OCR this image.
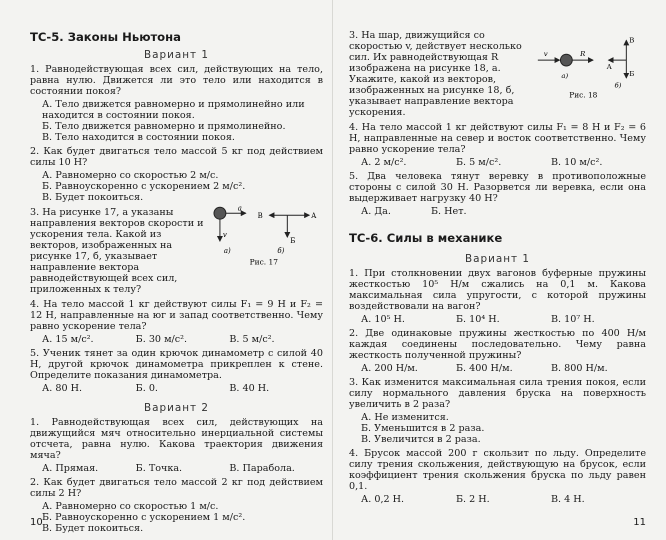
ТС-5. Законы Ньютона
Вариант 1
1. Равнодействующая всех сил, действующих на тело, равна нулю. Движется ли это тело или находится в состоянии покоя?
А. Тело движется равномерно и прямолинейно или находится в состоянии покоя.
Б. Тело движется равномерно и прямолинейно.
В. Тело находится в состоянии покоя.
2. Как будет двигаться тело массой 5 кг под действием силы 10 Н?
А. Равномерно со скоростью 2 м/с.
Б. Равноускоренно с ускорением 2 м/с².
В. Будет покоиться.
3. На рисунке 17, а указаны направления векторов скорости и ускорения тела. Какой из векторов, изображенных на рисунке 17, б, указывает направление вектора равнодействующей всех сил, приложенных к телу?
a
v
В	А
Б
а)	б)
Рис. 17
4. На тело массой 1 кг действуют силы F₁ = 9 Н и F₂ = 12 Н, направленные на юг и запад соответственно. Чему равно ускорение тела?
А. 15 м/с².	Б. 30 м/с².	В. 5 м/с².
5. Ученик тянет за один крючок динамометр с силой 40 Н, другой крючок динамометра прикреплен к стене. Определите показания динамометра.
А. 80 Н.	Б. 0.	В. 40 Н.
Вариант 2
1. Равнодействующая всех сил, действующих на движущийся мяч относительно инерциальной системы отсчета, равна нулю. Какова траектория движения мяча?
А. Прямая.	Б. Точка.	В. Парабола.
2. Как будет двигаться тело массой 2 кг под действием силы 2 Н?
А. Равномерно со скоростью 1 м/с.
Б. Равноускоренно с ускорением 1 м/с².
В. Будет покоиться.
10
3. На шар, движущийся со скоростью v, действует несколько сил. Их равнодействующая R изображена на рисунке 18, а. Укажите, какой из векторов, изображенных на рисунке 18, б, указывает направление вектора ускорения.
v	R
В
А
Б
а)
б)
Рис. 18
4. На тело массой 1 кг действуют силы F₁ = 8 Н и F₂ = 6 Н, направленные на север и восток соответственно. Чему равно ускорение тела?
А. 2 м/с².	Б. 5 м/с².	В. 10 м/с².
5. Два человека тянут веревку в противоположные стороны с силой 30 Н. Разорвется ли веревка, если она выдерживает нагрузку 40 Н?
А. Да.	Б. Нет.
ТС-6. Силы в механике
Вариант 1
1. При столкновении двух вагонов буферные пружины жесткостью 10⁵ Н/м сжались на 0,1 м. Какова максимальная сила упругости, с которой пружины воздействовали на вагон?
А. 10⁵ Н.	Б. 10⁴ Н.	В. 10⁷ Н.
2. Две одинаковые пружины жесткостью по 400 Н/м каждая соединены последовательно. Чему равна жесткость полученной пружины?
А. 200 Н/м.	Б. 400 Н/м.	В. 800 Н/м.
3. Как изменится максимальная сила трения покоя, если силу нормального давления бруска на поверхность увеличить в 2 раза?
А. Не изменится.
Б. Уменьшится в 2 раза.
В. Увеличится в 2 раза.
4. Брусок массой 200 г скользит по льду. Определите силу трения скольжения, действующую на брусок, если коэффициент трения скольжения бруска по льду равен 0,1.
А. 0,2 Н.	Б. 2 Н.	В. 4 Н.
11
